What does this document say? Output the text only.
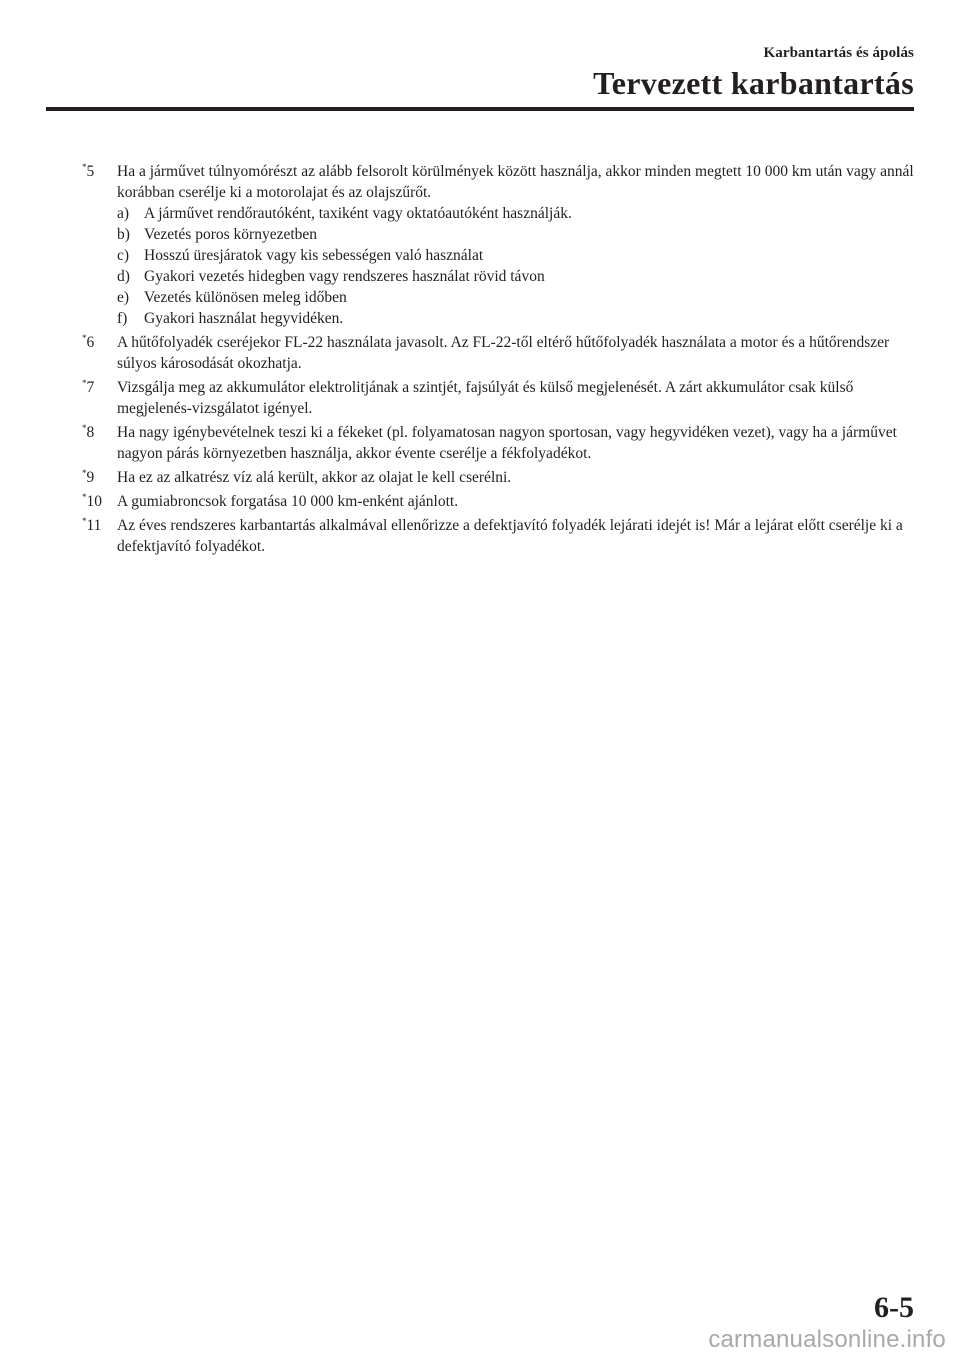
Karbantartás és ápolás
Tervezett karbantartás
*5 Ha a járművet túlnyomórészt az alább felsorolt körülmények között használja, akkor minden megtett 10 000 km után vagy annál korábban cserélje ki a motorolajat és az olajszűrőt.
a) A járművet rendőrautóként, taxiként vagy oktatóautóként használják.
b) Vezetés poros környezetben
c) Hosszú üresjáratok vagy kis sebességen való használat
d) Gyakori vezetés hidegben vagy rendszeres használat rövid távon
e) Vezetés különösen meleg időben
f) Gyakori használat hegyvidéken.
*6 A hűtőfolyadék cseréjekor FL-22 használata javasolt. Az FL-22-től eltérő hűtőfolyadék használata a motor és a hűtőrendszer súlyos károsodását okozhatja.
*7 Vizsgálja meg az akkumulátor elektrolitjának a szintjét, fajsúlyát és külső megjelenését. A zárt akkumulátor csak külső megjelenés-vizsgálatot igényel.
*8 Ha nagy igénybevételnek teszi ki a fékeket (pl. folyamatosan nagyon sportosan, vagy hegyvidéken vezet), vagy ha a járművet nagyon párás környezetben használja, akkor évente cserélje a fékfolyadékot.
*9 Ha ez az alkatrész víz alá került, akkor az olajat le kell cserélni.
*10 A gumiabroncsok forgatása 10 000 km-enként ajánlott.
*11 Az éves rendszeres karbantartás alkalmával ellenőrizze a defektjavító folyadék lejárati idejét is! Már a lejárat előtt cserélje ki a defektjavító folyadékot.
6-5
carmanualsonline.info
